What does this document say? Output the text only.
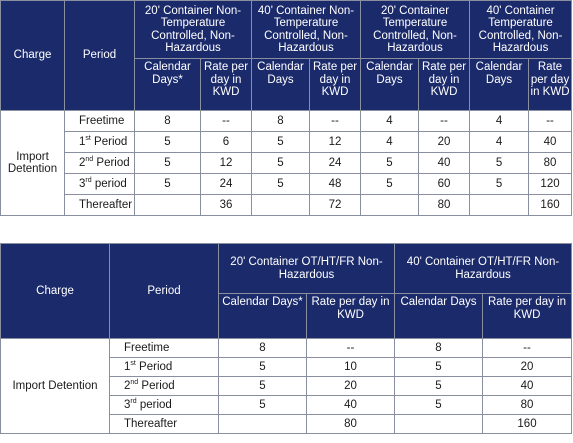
Charge	Period	20' Container Non-Temperature Controlled, Non-Hazardous		40' Container Non-Temperature Controlled, Non-Hazardous		20' Container Temperature Controlled, Non-Hazardous		40' Container Temperature Controlled, Non-Hazardous	
		Calendar Days*	Rate per day in KWD	Calendar Days	Rate per day in KWD	Calendar Days	Rate per day in KWD	Calendar Days	Rate per day in KWD
Import Detention	Freetime	8	--	8	--	4	--	4	--
	1st Period	5	6	5	12	4	20	4	40
	2nd Period	5	12	5	24	5	40	5	80
	3rd period	5	24	5	48	5	60	5	120
	Thereafter		36		72		80		160
Charge	Period	20' Container OT/HT/FR Non-Hazardous		40' Container OT/HT/FR Non-Hazardous	
		Calendar Days*	Rate per day in KWD	Calendar Days	Rate per day in KWD
Import Detention	Freetime	8	--	8	--
	1st Period	5	10	5	20
	2nd Period	5	20	5	40
	3rd period	5	40	5	80
	Thereafter		80		160
